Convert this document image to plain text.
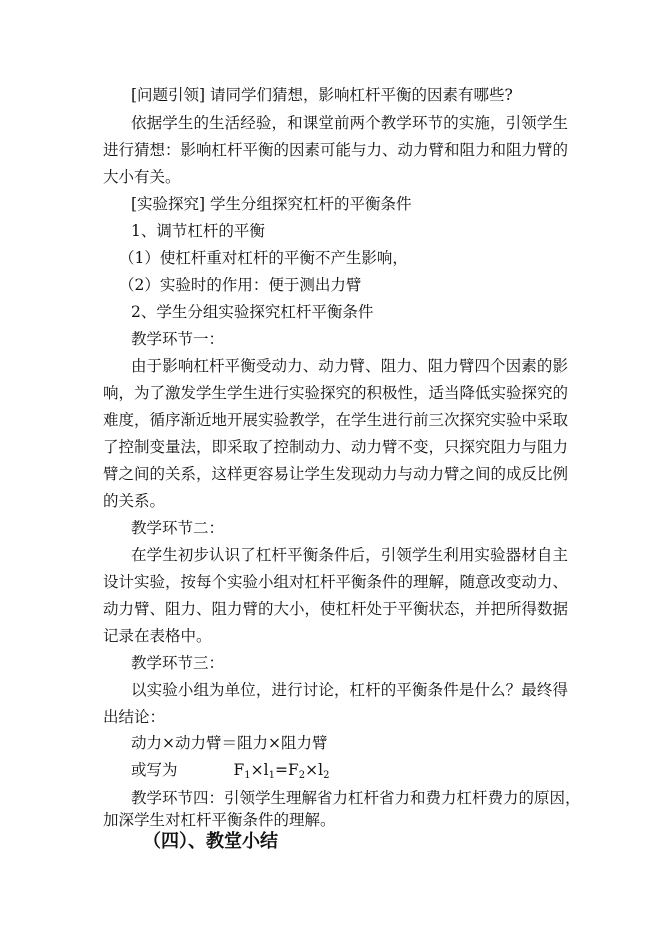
[问题引领] 请同学们猜想，影响杠杆平衡的因素有哪些?
依据学生的生活经验，和课堂前两个教学环节的实施，引领学生
进行猜想：影响杠杆平衡的因素可能与力、动力臂和阻力和阻力臂的
大小有关。
[实验探究] 学生分组探究杠杆的平衡条件
1、调节杠杆的平衡
（1）使杠杆重对杠杆的平衡不产生影响，
（2）实验时的作用：便于测出力臂
2、学生分组实验探究杠杆平衡条件
教学环节一：
由于影响杠杆平衡受动力、动力臂、阻力、阻力臂四个因素的影
响，为了激发学生学生进行实验探究的积极性，适当降低实验探究的
难度，循序渐近地开展实验教学，在学生进行前三次探究实验中采取
了控制变量法，即采取了控制动力、动力臂不变，只探究阻力与阻力
臂之间的关系，这样更容易让学生发现动力与动力臂之间的成反比例
的关系。
教学环节二：
在学生初步认识了杠杆平衡条件后，引领学生利用实验器材自主
设计实验，按每个实验小组对杠杆平衡条件的理解，随意改变动力、
动力臂、阻力、阻力臂的大小，使杠杆处于平衡状态，并把所得数据
记录在表格中。
教学环节三：
以实验小组为单位，进行讨论，杠杆的平衡条件是什么？最终得
出结论：
动力×动力臂＝阻力×阻力臂
或写为	$F_1\times l_1=F_2\times l_2$
教学环节四：引领学生理解省力杠杆省力和费力杠杆费力的原因，
加深学生对杠杆平衡条件的理解。
（四）、教堂小结
